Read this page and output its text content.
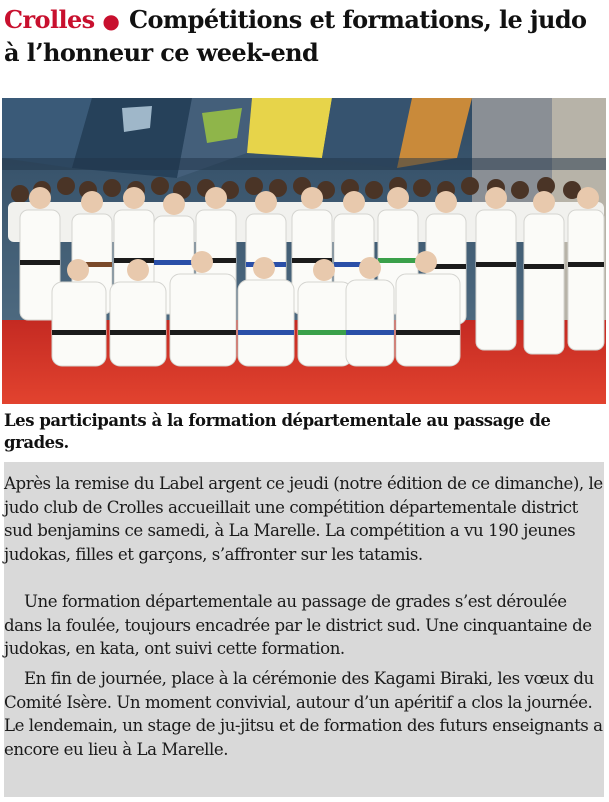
Crolles ● Compétitions et formations, le judo à l’honneur ce week-end

Les participants à la formation départementale au passage de grades.

Après la remise du Label argent ce jeudi (notre édition de ce dimanche), le judo club de Crolles accueillait une compétition départementale district sud benjamins ce samedi, à La Marelle. La compétition a vu 190 jeunes judokas, filles et garçons, s’affronter sur les tatamis.

Une formation départementale au passage de grades s’est déroulée dans la foulée, toujours encadrée par le district sud. Une cinquantaine de judokas, en kata, ont suivi cette formation.

En fin de journée, place à la cérémonie des Kagami Biraki, les vœux du Comité Isère. Un moment convivial, autour d’un apéritif a clos la journée. Le lendemain, un stage de ju-jitsu et de formation des futurs enseignants a encore eu lieu à La Marelle.
